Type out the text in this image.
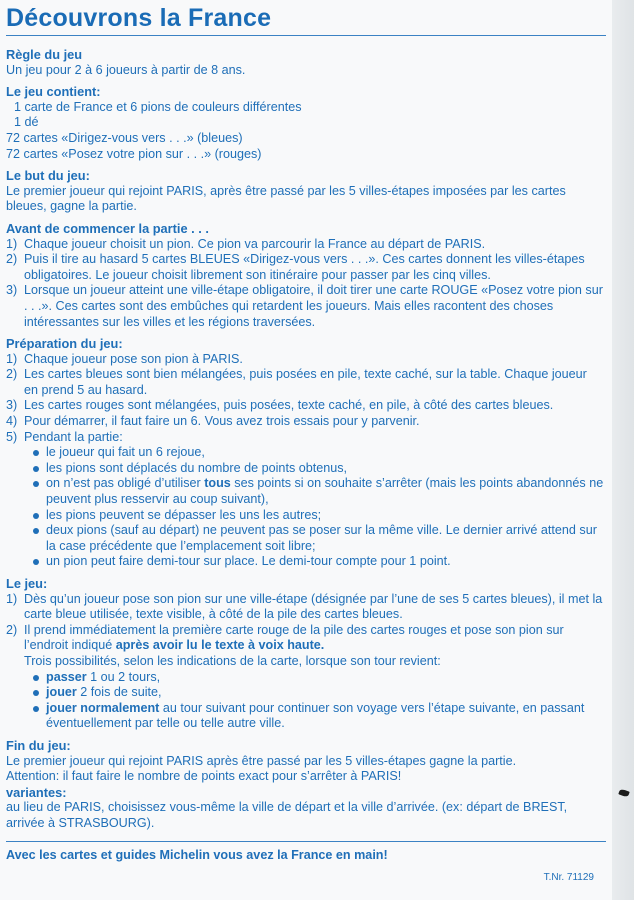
Découvrons la France
Règle du jeu

Un jeu pour 2 à 6 joueurs à partir de 8 ans.

Le jeu contient:

1 carte de France et 6 pions de couleurs différentes

1 dé

72 cartes «Dirigez-vous vers . . .» (bleues)

72 cartes «Posez votre pion sur . . .» (rouges)

Le but du jeu:

Le premier joueur qui rejoint PARIS, après être passé par les 5 villes-étapes imposées par les cartes bleues, gagne la partie.

Avant de commencer la partie . . .
1) Chaque joueur choisit un pion. Ce pion va parcourir la France au départ de PARIS.
2) Puis il tire au hasard 5 cartes BLEUES «Dirigez-vous vers . . .». Ces cartes donnent les villes-étapes obligatoires. Le joueur choisit librement son itinéraire pour passer par les cinq villes.
3) Lorsque un joueur atteint une ville-étape obligatoire, il doit tirer une carte ROUGE «Posez votre pion sur . . .». Ces cartes sont des embûches qui retardent les joueurs. Mais elles racontent des choses intéressantes sur les villes et les régions traversées.
Préparation du jeu:
1) Chaque joueur pose son pion à PARIS.
2) Les cartes bleues sont bien mélangées, puis posées en pile, texte caché, sur la table. Chaque joueur en prend 5 au hasard.
3) Les cartes rouges sont mélangées, puis posées, texte caché, en pile, à côté des cartes bleues.
4) Pour démarrer, il faut faire un 6. Vous avez trois essais pour y parvenir.
5) Pendant la partie:
le joueur qui fait un 6 rejoue,
les pions sont déplacés du nombre de points obtenus,
on n’est pas obligé d’utiliser tous ses points si on souhaite s’arrêter (mais les points abandonnés ne peuvent plus resservir au coup suivant),
les pions peuvent se dépasser les uns les autres;
deux pions (sauf au départ) ne peuvent pas se poser sur la même ville. Le dernier arrivé attend sur la case précédente que l’emplacement soit libre;
un pion peut faire demi-tour sur place. Le demi-tour compte pour 1 point.
Le jeu:
1) Dès qu’un joueur pose son pion sur une ville-étape (désignée par l’une de ses 5 cartes bleues), il met la carte bleue utilisée, texte visible, à côté de la pile des cartes bleues.
2) Il prend immédiatement la première carte rouge de la pile des cartes rouges et pose son pion sur l’endroit indiqué après avoir lu le texte à voix haute.

Trois possibilités, selon les indications de la carte, lorsque son tour revient:

passer 1 ou 2 tours,
jouer 2 fois de suite,
jouer normalement au tour suivant pour continuer son voyage vers l’étape suivante, en passant éventuellement par telle ou telle autre ville.
Fin du jeu:

Le premier joueur qui rejoint PARIS après être passé par les 5 villes-étapes gagne la partie.

Attention: il faut faire le nombre de points exact pour s’arrêter à PARIS!

variantes:

au lieu de PARIS, choisissez vous-même la ville de départ et la ville d’arrivée. (ex: départ de BREST, arrivée à STRASBOURG).

Avec les cartes et guides Michelin vous avez la France en main!
T.Nr. 71129
